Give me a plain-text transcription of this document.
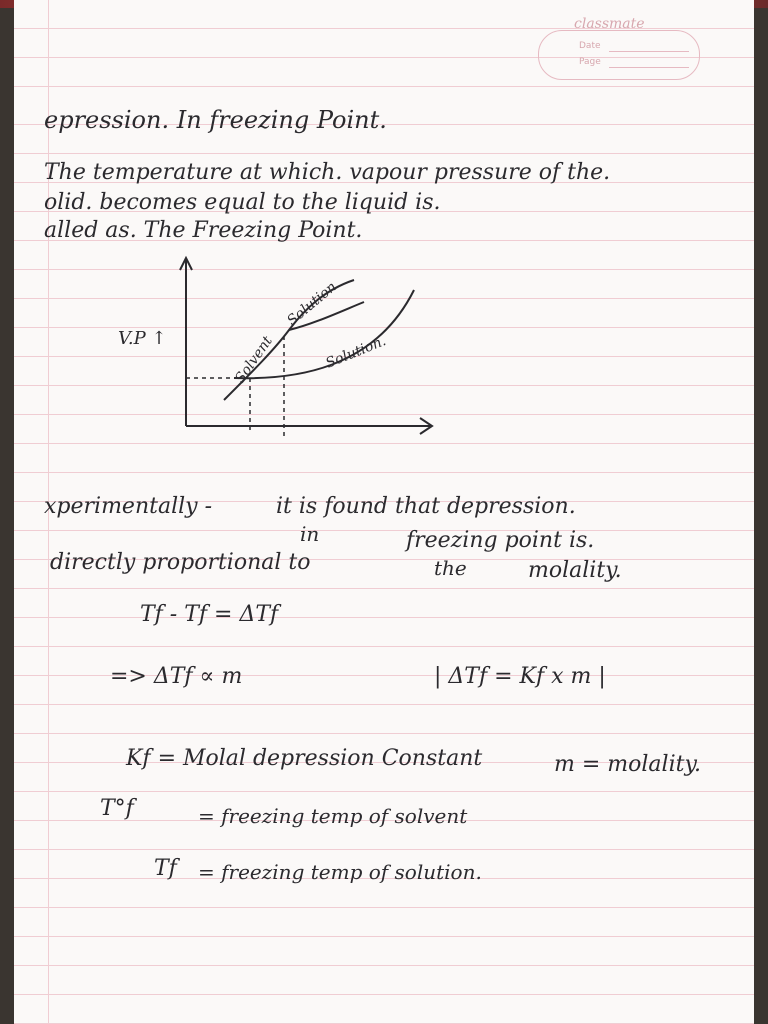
classmate
Date
Page
epression. In freezing Point.
The temperature at which. vapour pressure of the.
olid. becomes equal to the liquid is.
alled as. The Freezing Point.
V.P ↑	Solvent
Solution
Solution.
xperimentally -	it is found that depression.
in	freezing point is.
directly proportional to	the	molality.
Tf - Tf = ΔTf
=> ΔTf ∝ m	| ΔTf = Kf x m |
Kf = Molal depression Constant	m = molality.
T°f	= freezing temp of solvent
Tf = freezing temp of solution.
